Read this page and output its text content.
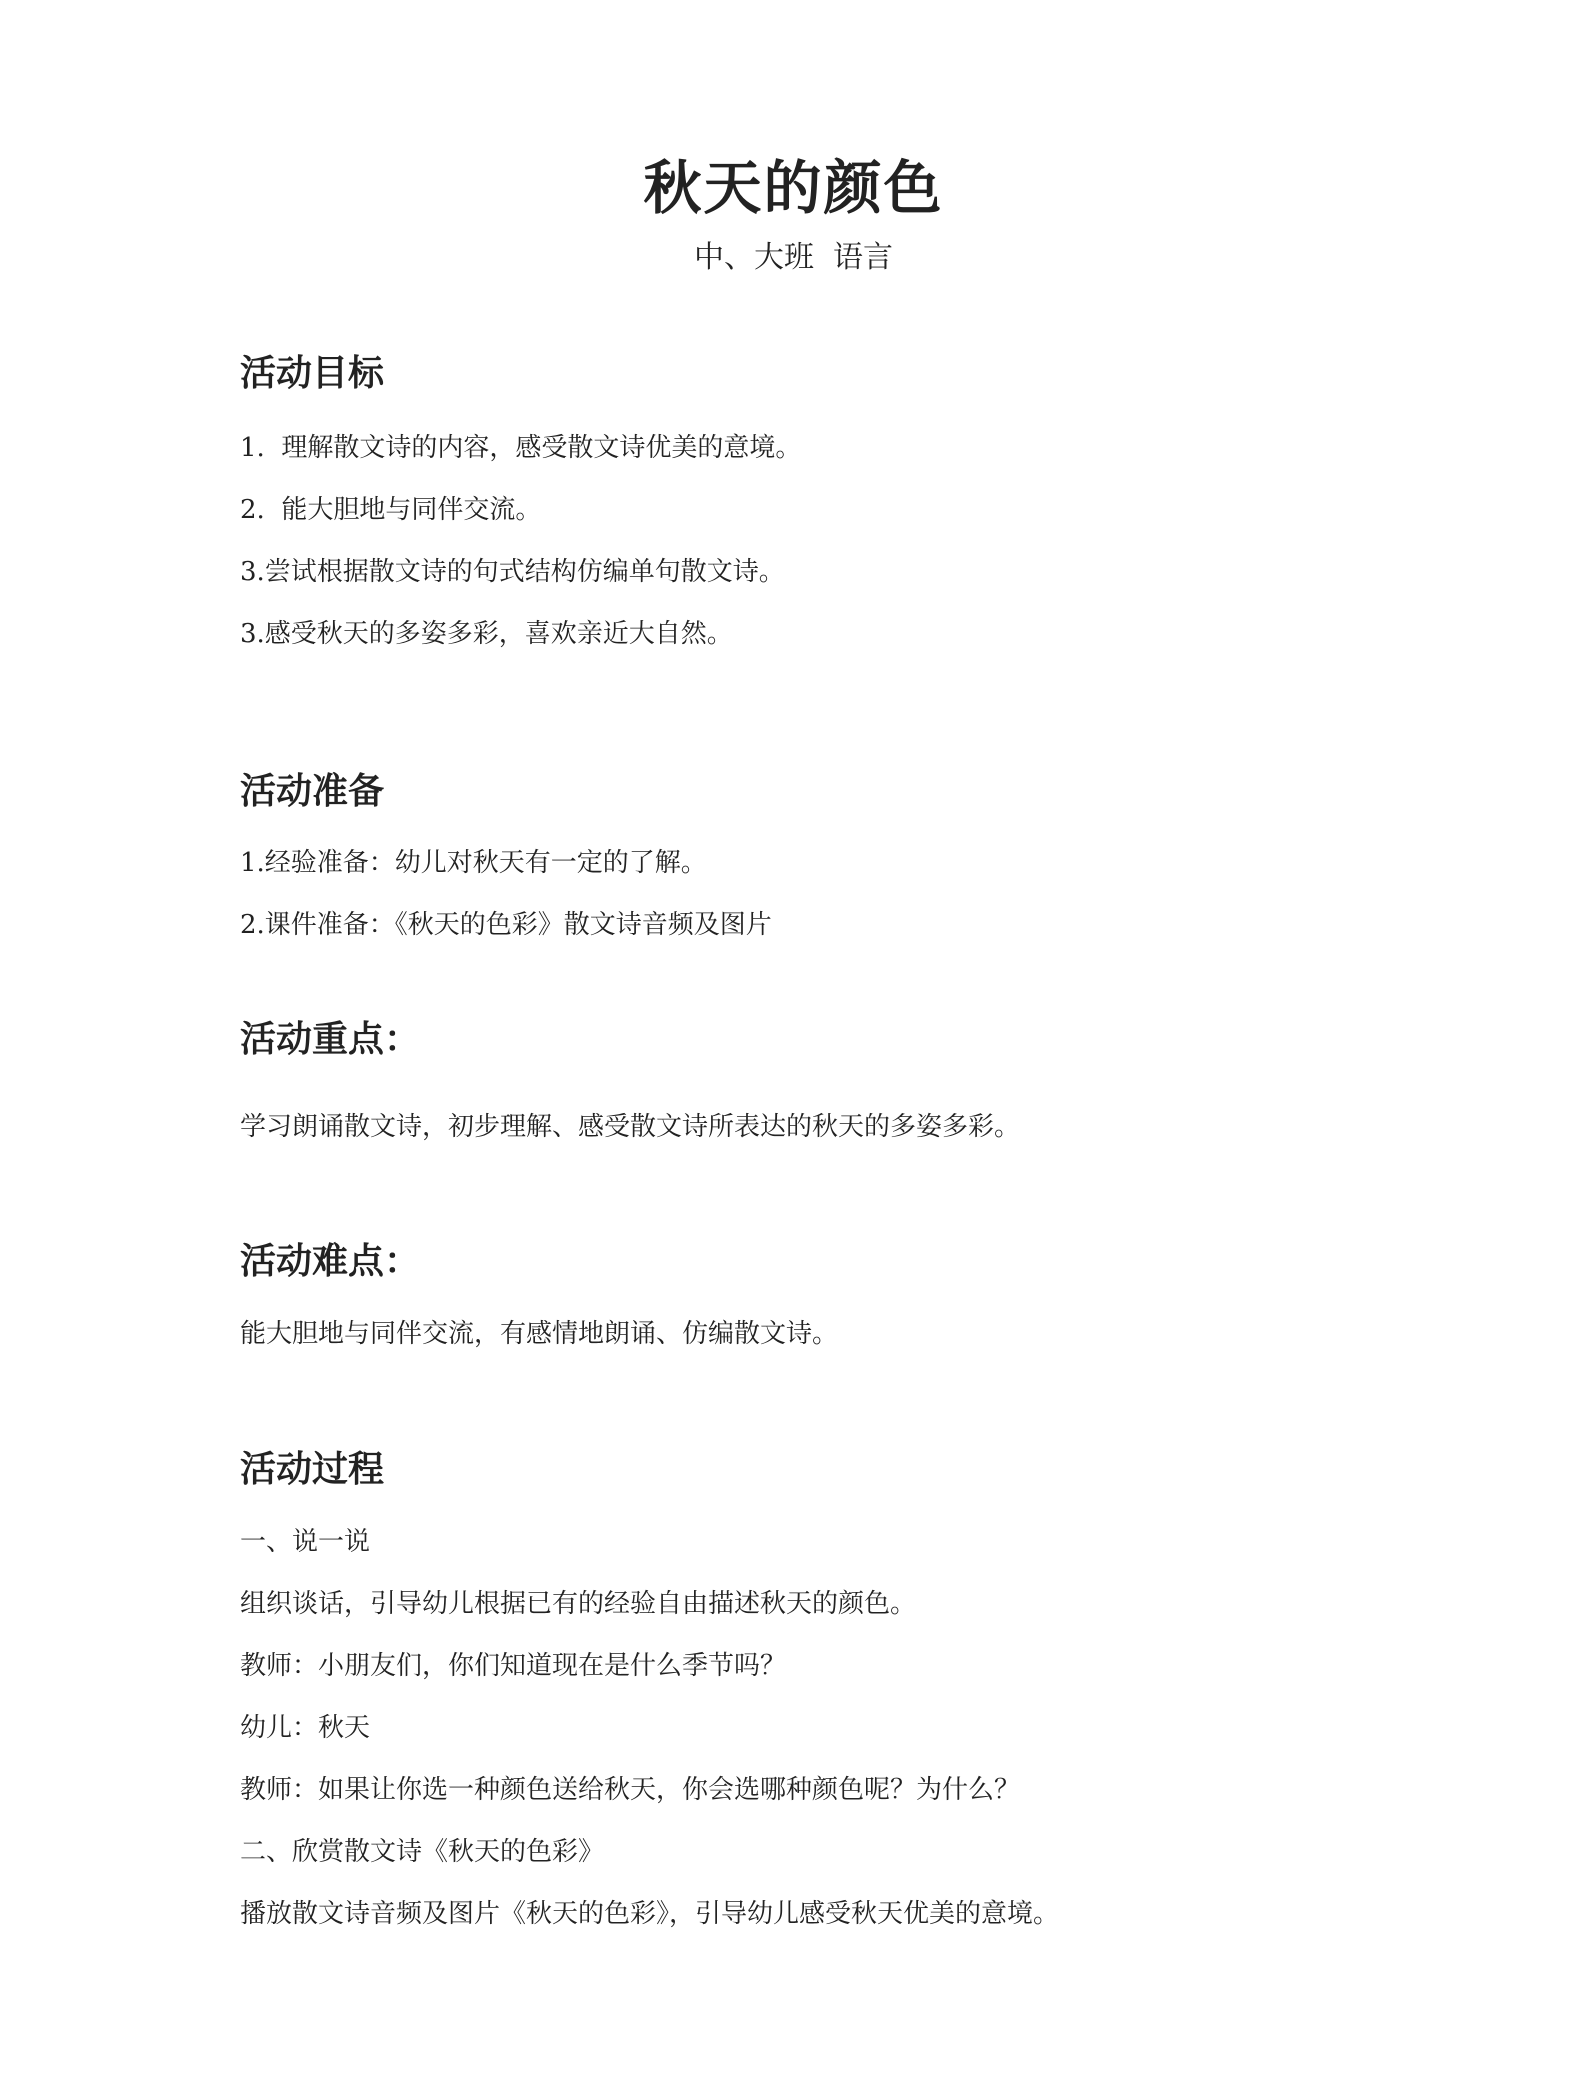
秋天的颜色
中、大班  语言
活动目标
1.  理解散文诗的内容，感受散文诗优美的意境。
2.  能大胆地与同伴交流。
3.尝试根据散文诗的句式结构仿编单句散文诗。
3.感受秋天的多姿多彩，喜欢亲近大自然。
活动准备
1.经验准备：幼儿对秋天有一定的了解。
2.课件准备：《秋天的色彩》散文诗音频及图片
活动重点：
学习朗诵散文诗，初步理解、感受散文诗所表达的秋天的多姿多彩。
活动难点：
能大胆地与同伴交流，有感情地朗诵、仿编散文诗。
活动过程
一、说一说
组织谈话，引导幼儿根据已有的经验自由描述秋天的颜色。
教师：小朋友们，你们知道现在是什么季节吗？
幼儿：秋天
教师：如果让你选一种颜色送给秋天，你会选哪种颜色呢？为什么？
二、欣赏散文诗《秋天的色彩》
播放散文诗音频及图片《秋天的色彩》，引导幼儿感受秋天优美的意境。
